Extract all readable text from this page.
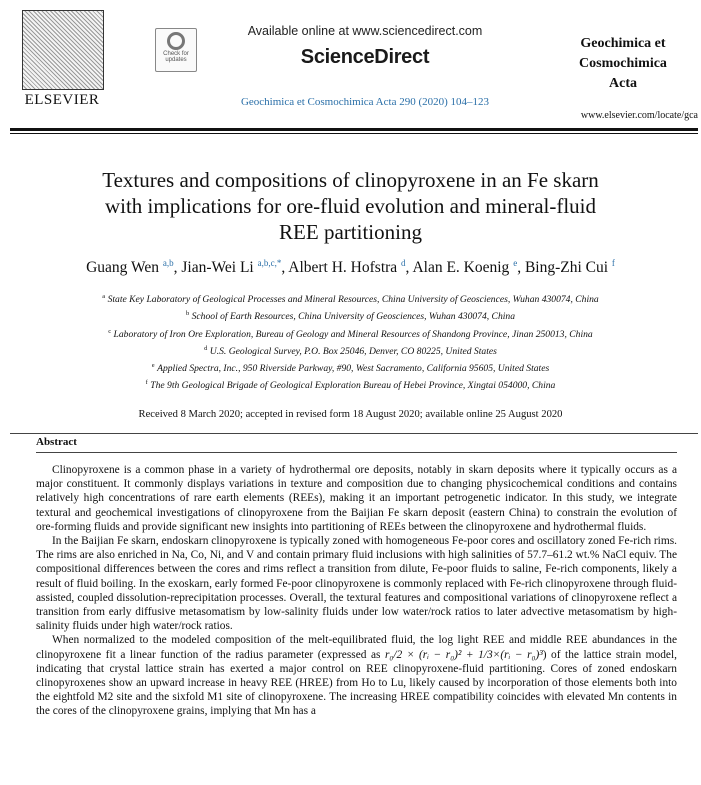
ELSEVIER
Check for updates
Available online at www.sciencedirect.com
ScienceDirect
Geochimica et Cosmochimica Acta 290 (2020) 104–123
Geochimica et
Cosmochimica
Acta
www.elsevier.com/locate/gca
Textures and compositions of clinopyroxene in an Fe skarn
with implications for ore-fluid evolution and mineral-fluid
REE partitioning
Guang Wen $^{a,b}$, Jian-Wei Li $^{a,b,c,*}$, Albert H. Hofstra $^d$, Alan E. Koenig $^e$, Bing-Zhi Cui $^f$
$^a$ State Key Laboratory of Geological Processes and Mineral Resources, China University of Geosciences, Wuhan 430074, China
$^b$ School of Earth Resources, China University of Geosciences, Wuhan 430074, China
$^c$ Laboratory of Iron Ore Exploration, Bureau of Geology and Mineral Resources of Shandong Province, Jinan 250013, China
$^d$ U.S. Geological Survey, P.O. Box 25046, Denver, CO 80225, United States
$^e$ Applied Spectra, Inc., 950 Riverside Parkway, #90, West Sacramento, California 95605, United States
$^f$ The 9th Geological Brigade of Geological Exploration Bureau of Hebei Province, Xingtai 054000, China
Received 8 March 2020; accepted in revised form 18 August 2020; available online 25 August 2020
Abstract

Clinopyroxene is a common phase in a variety of hydrothermal ore deposits, notably in skarn deposits where it typically occurs as a major constituent. It commonly displays variations in texture and composition due to changing physicochemical conditions and contains relatively high concentrations of rare earth elements (REEs), making it an important petrogenetic indicator. In this study, we integrate textural and geochemical investigations of clinopyroxene from the Baijian Fe skarn deposit (eastern China) to constrain the evolution of ore-forming fluids and provide significant new insights into partitioning of REEs between the clinopyroxene and hydrothermal fluids.

In the Baijian Fe skarn, endoskarn clinopyroxene is typically zoned with homogeneous Fe-poor cores and oscillatory zoned Fe-rich rims. The rims are also enriched in Na, Co, Ni, and V and contain primary fluid inclusions with high salinities of 57.7–61.2 wt.% NaCl equiv. The compositional differences between the cores and rims reflect a transition from dilute, Fe-poor fluids to saline, Fe-rich components, likely a result of fluid boiling. In the exoskarn, early formed Fe-poor clinopyroxene is commonly replaced with Fe-rich clinopyroxene through fluid-assisted, coupled dissolution-reprecipitation processes. Overall, the textural features and compositional variations of clinopyroxene reflect a transition from early diffusive metasomatism by low-salinity fluids under low water/rock ratios to later advective metasomatism by high-salinity fluids under high water/rock ratios.

When normalized to the modeled composition of the melt-equilibrated fluid, the log light REE and middle REE abundances in the clinopyroxene fit a linear function of the radius parameter (expressed as r₀/2 × (rᵢ − r₀)² + 1/3×(rᵢ − r₀)³) of the lattice strain model, indicating that crystal lattice strain has exerted a major control on REE clinopyroxene-fluid partitioning. Cores of zoned endoskarn clinopyroxenes show an upward increase in heavy REE (HREE) from Ho to Lu, likely caused by incorporation of those elements both into the eightfold M2 site and the sixfold M1 site of clinopyroxene. The increasing HREE compatibility coincides with elevated Mn contents in the cores of the clinopyroxene grains, implying that Mn has a
